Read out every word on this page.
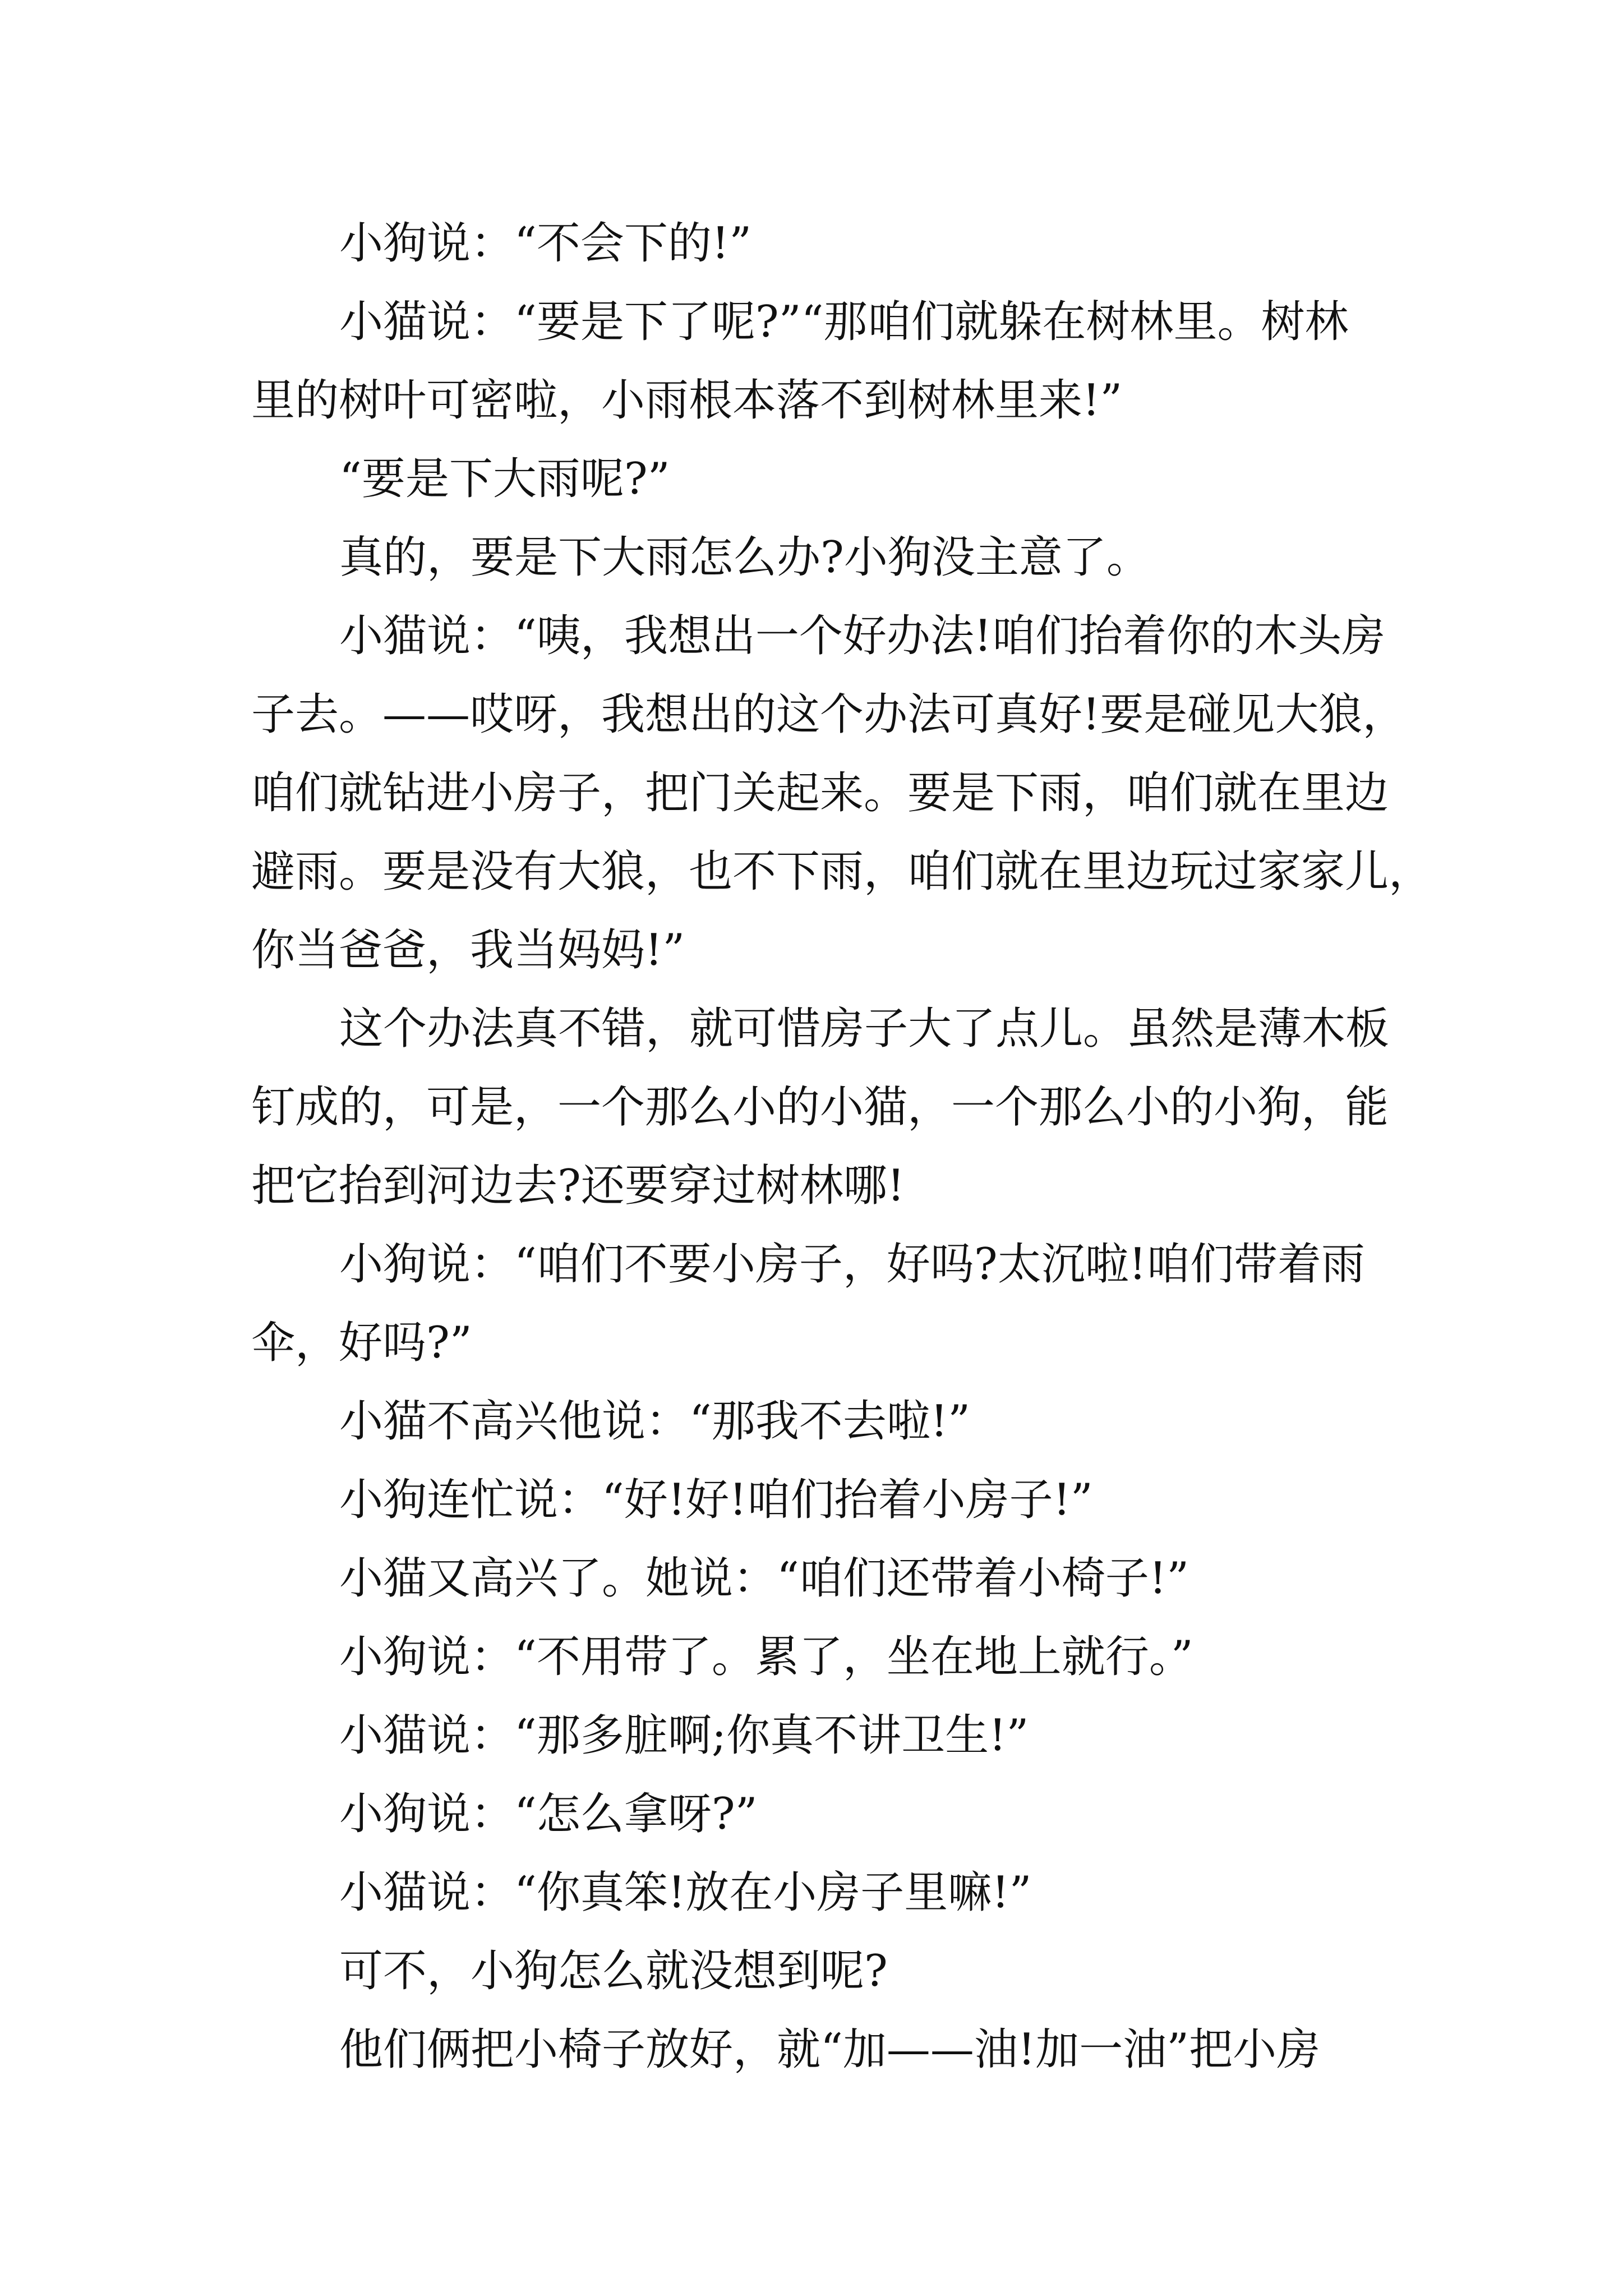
小狗说：“不会下的!”
小猫说：“要是下了呢?”“那咱们就躲在树林里。树林
里的树叶可密啦，小雨根本落不到树林里来!”
“要是下大雨呢?”
真的，要是下大雨怎么办?小狗没主意了。
小猫说：“咦，我想出一个好办法!咱们抬着你的木头房
子去。——哎呀，我想出的这个办法可真好!要是碰见大狼，
咱们就钻进小房子，把门关起来。要是下雨，咱们就在里边
避雨。要是没有大狼，也不下雨，咱们就在里边玩过家家儿，
你当爸爸，我当妈妈!”
这个办法真不错，就可惜房子大了点儿。虽然是薄木板
钉成的，可是，一个那么小的小猫，一个那么小的小狗，能
把它抬到河边去?还要穿过树林哪!
小狗说：“咱们不要小房子，好吗?太沉啦!咱们带着雨
伞，好吗?”
小猫不高兴他说：“那我不去啦!”
小狗连忙说：“好!好!咱们抬着小房子!”
小猫又高兴了。她说：“咱们还带着小椅子!”
小狗说：“不用带了。累了，坐在地上就行。”
小猫说：“那多脏啊;你真不讲卫生!”
小狗说：“怎么拿呀?”
小猫说：“你真笨!放在小房子里嘛!”
可不，小狗怎么就没想到呢?
他们俩把小椅子放好，就“加——油!加一油”把小房
